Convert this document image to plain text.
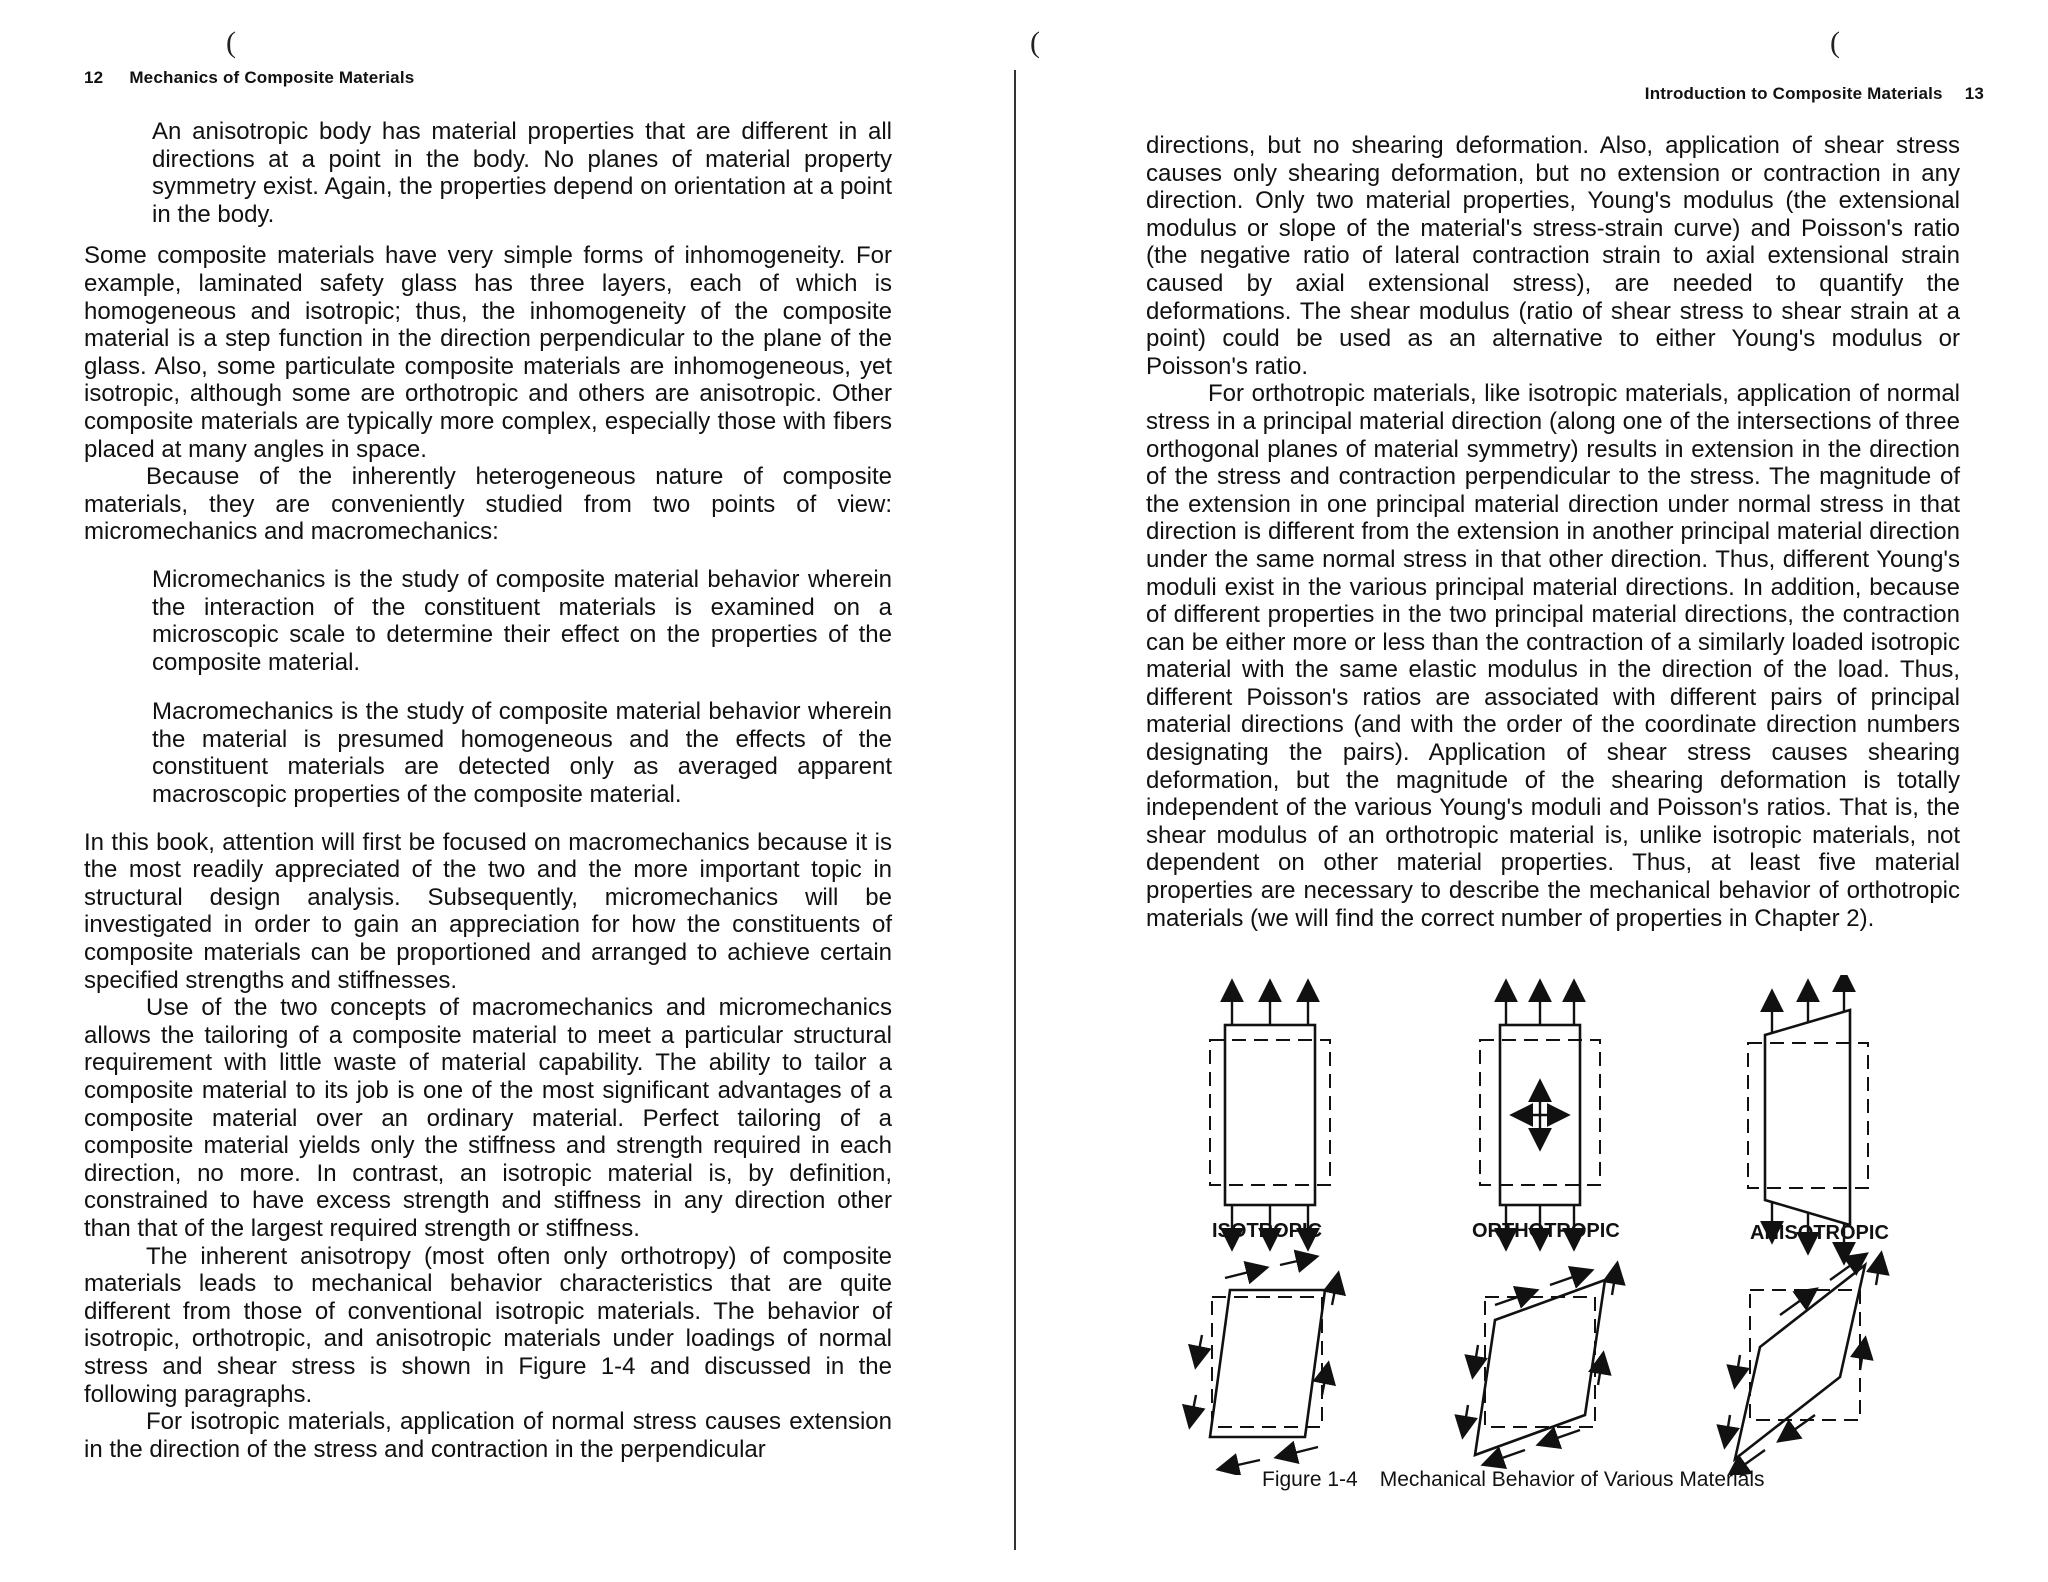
12 Mechanics of Composite Materials

An anisotropic body has material properties that are different in all directions at a point in the body. No planes of material property symmetry exist. Again, the properties depend on orientation at a point in the body.

Some composite materials have very simple forms of inhomogeneity. For example, laminated safety glass has three layers, each of which is homogeneous and isotropic; thus, the inhomogeneity of the composite material is a step function in the direction perpendicular to the plane of the glass. Also, some particulate composite materials are inhomogeneous, yet isotropic, although some are orthotropic and others are anisotropic. Other composite materials are typically more complex, especially those with fibers placed at many angles in space.

Because of the inherently heterogeneous nature of composite materials, they are conveniently studied from two points of view: micromechanics and macromechanics:

Micromechanics is the study of composite material behavior wherein the interaction of the constituent materials is examined on a microscopic scale to determine their effect on the properties of the composite material.

Macromechanics is the study of composite material behavior wherein the material is presumed homogeneous and the effects of the constituent materials are detected only as averaged apparent macroscopic properties of the composite material.

In this book, attention will first be focused on macromechanics because it is the most readily appreciated of the two and the more important topic in structural design analysis. Subsequently, micromechanics will be investigated in order to gain an appreciation for how the constituents of composite materials can be proportioned and arranged to achieve certain specified strengths and stiffnesses.

Use of the two concepts of macromechanics and micromechanics allows the tailoring of a composite material to meet a particular structural requirement with little waste of material capability. The ability to tailor a composite material to its job is one of the most significant advantages of a composite material over an ordinary material. Perfect tailoring of a composite material yields only the stiffness and strength required in each direction, no more. In contrast, an isotropic material is, by definition, constrained to have excess strength and stiffness in any direction other than that of the largest required strength or stiffness.

The inherent anisotropy (most often only orthotropy) of composite materials leads to mechanical behavior characteristics that are quite different from those of conventional isotropic materials. The behavior of isotropic, orthotropic, and anisotropic materials under loadings of normal stress and shear stress is shown in Figure 1-4 and discussed in the following paragraphs.

For isotropic materials, application of normal stress causes extension in the direction of the stress and contraction in the perpendicular

(	(	(
Introduction to Composite Materials 13

directions, but no shearing deformation. Also, application of shear stress causes only shearing deformation, but no extension or contraction in any direction. Only two material properties, Young's modulus (the extensional modulus or slope of the material's stress-strain curve) and Poisson's ratio (the negative ratio of lateral contraction strain to axial extensional strain caused by axial extensional stress), are needed to quantify the deformations. The shear modulus (ratio of shear stress to shear strain at a point) could be used as an alternative to either Young's modulus or Poisson's ratio.

For orthotropic materials, like isotropic materials, application of normal stress in a principal material direction (along one of the intersections of three orthogonal planes of material symmetry) results in extension in the direction of the stress and contraction perpendicular to the stress. The magnitude of the extension in one principal material direction under normal stress in that direction is different from the extension in another principal material direction under the same normal stress in that other direction. Thus, different Young's moduli exist in the various principal material directions. In addition, because of different properties in the two principal material directions, the contraction can be either more or less than the contraction of a similarly loaded isotropic material with the same elastic modulus in the direction of the load. Thus, different Poisson's ratios are associated with different pairs of principal material directions (and with the order of the coordinate direction numbers designating the pairs). Application of shear stress causes shearing deformation, but the magnitude of the shearing deformation is totally independent of the various Young's moduli and Poisson's ratios. That is, the shear modulus of an orthotropic material is, unlike isotropic materials, not dependent on other material properties. Thus, at least five material properties are necessary to describe the mechanical behavior of orthotropic materials (we will find the correct number of properties in Chapter 2).

ISOTROPIC	ORTHOTROPIC	ANISOTROPIC
Figure 1-4 Mechanical Behavior of Various Materials
